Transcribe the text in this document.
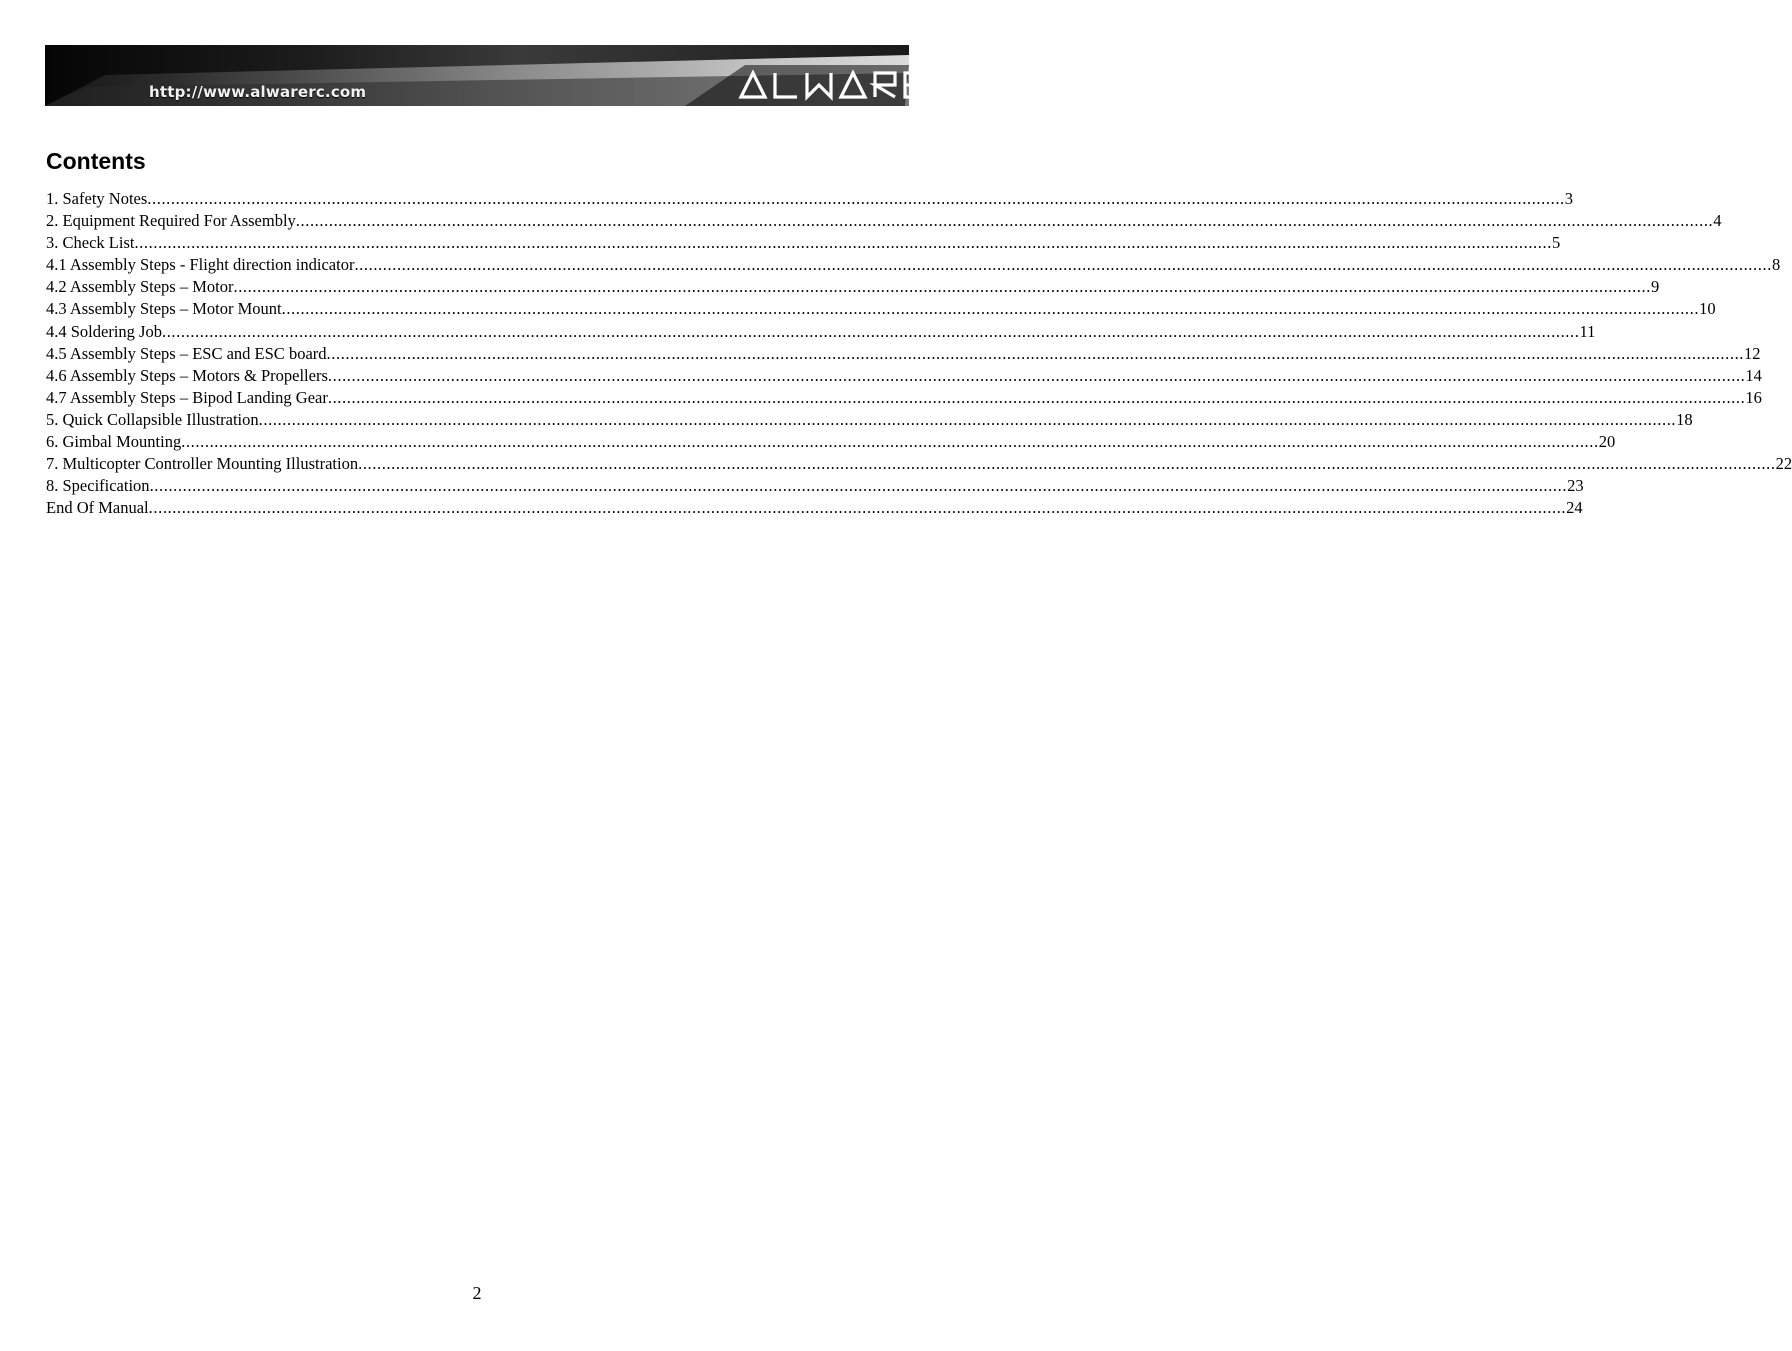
http://www.alwarerc.com
Contents
1. Safety Notes ............................................................................................................................................................................................................................................................................................................ 3
2. Equipment Required For Assembly ............................................................................................................................................................................................................................................................................................................ 4
3. Check List ............................................................................................................................................................................................................................................................................................................ 5
4.1 Assembly Steps - Flight direction indicator ............................................................................................................................................................................................................................................................................................................ 8
4.2 Assembly Steps – Motor ............................................................................................................................................................................................................................................................................................................ 9
4.3 Assembly Steps – Motor Mount ............................................................................................................................................................................................................................................................................................................ 10
4.4 Soldering Job ............................................................................................................................................................................................................................................................................................................ 11
4.5 Assembly Steps – ESC and ESC board ............................................................................................................................................................................................................................................................................................................ 12
4.6 Assembly Steps – Motors & Propellers ............................................................................................................................................................................................................................................................................................................ 14
4.7 Assembly Steps – Bipod Landing Gear ............................................................................................................................................................................................................................................................................................................ 16
5. Quick Collapsible Illustration ............................................................................................................................................................................................................................................................................................................ 18
6. Gimbal Mounting ............................................................................................................................................................................................................................................................................................................ 20
7. Multicopter Controller Mounting Illustration ............................................................................................................................................................................................................................................................................................................ 22
8. Specification ............................................................................................................................................................................................................................................................................................................ 23
End Of Manual ............................................................................................................................................................................................................................................................................................................ 24
2
